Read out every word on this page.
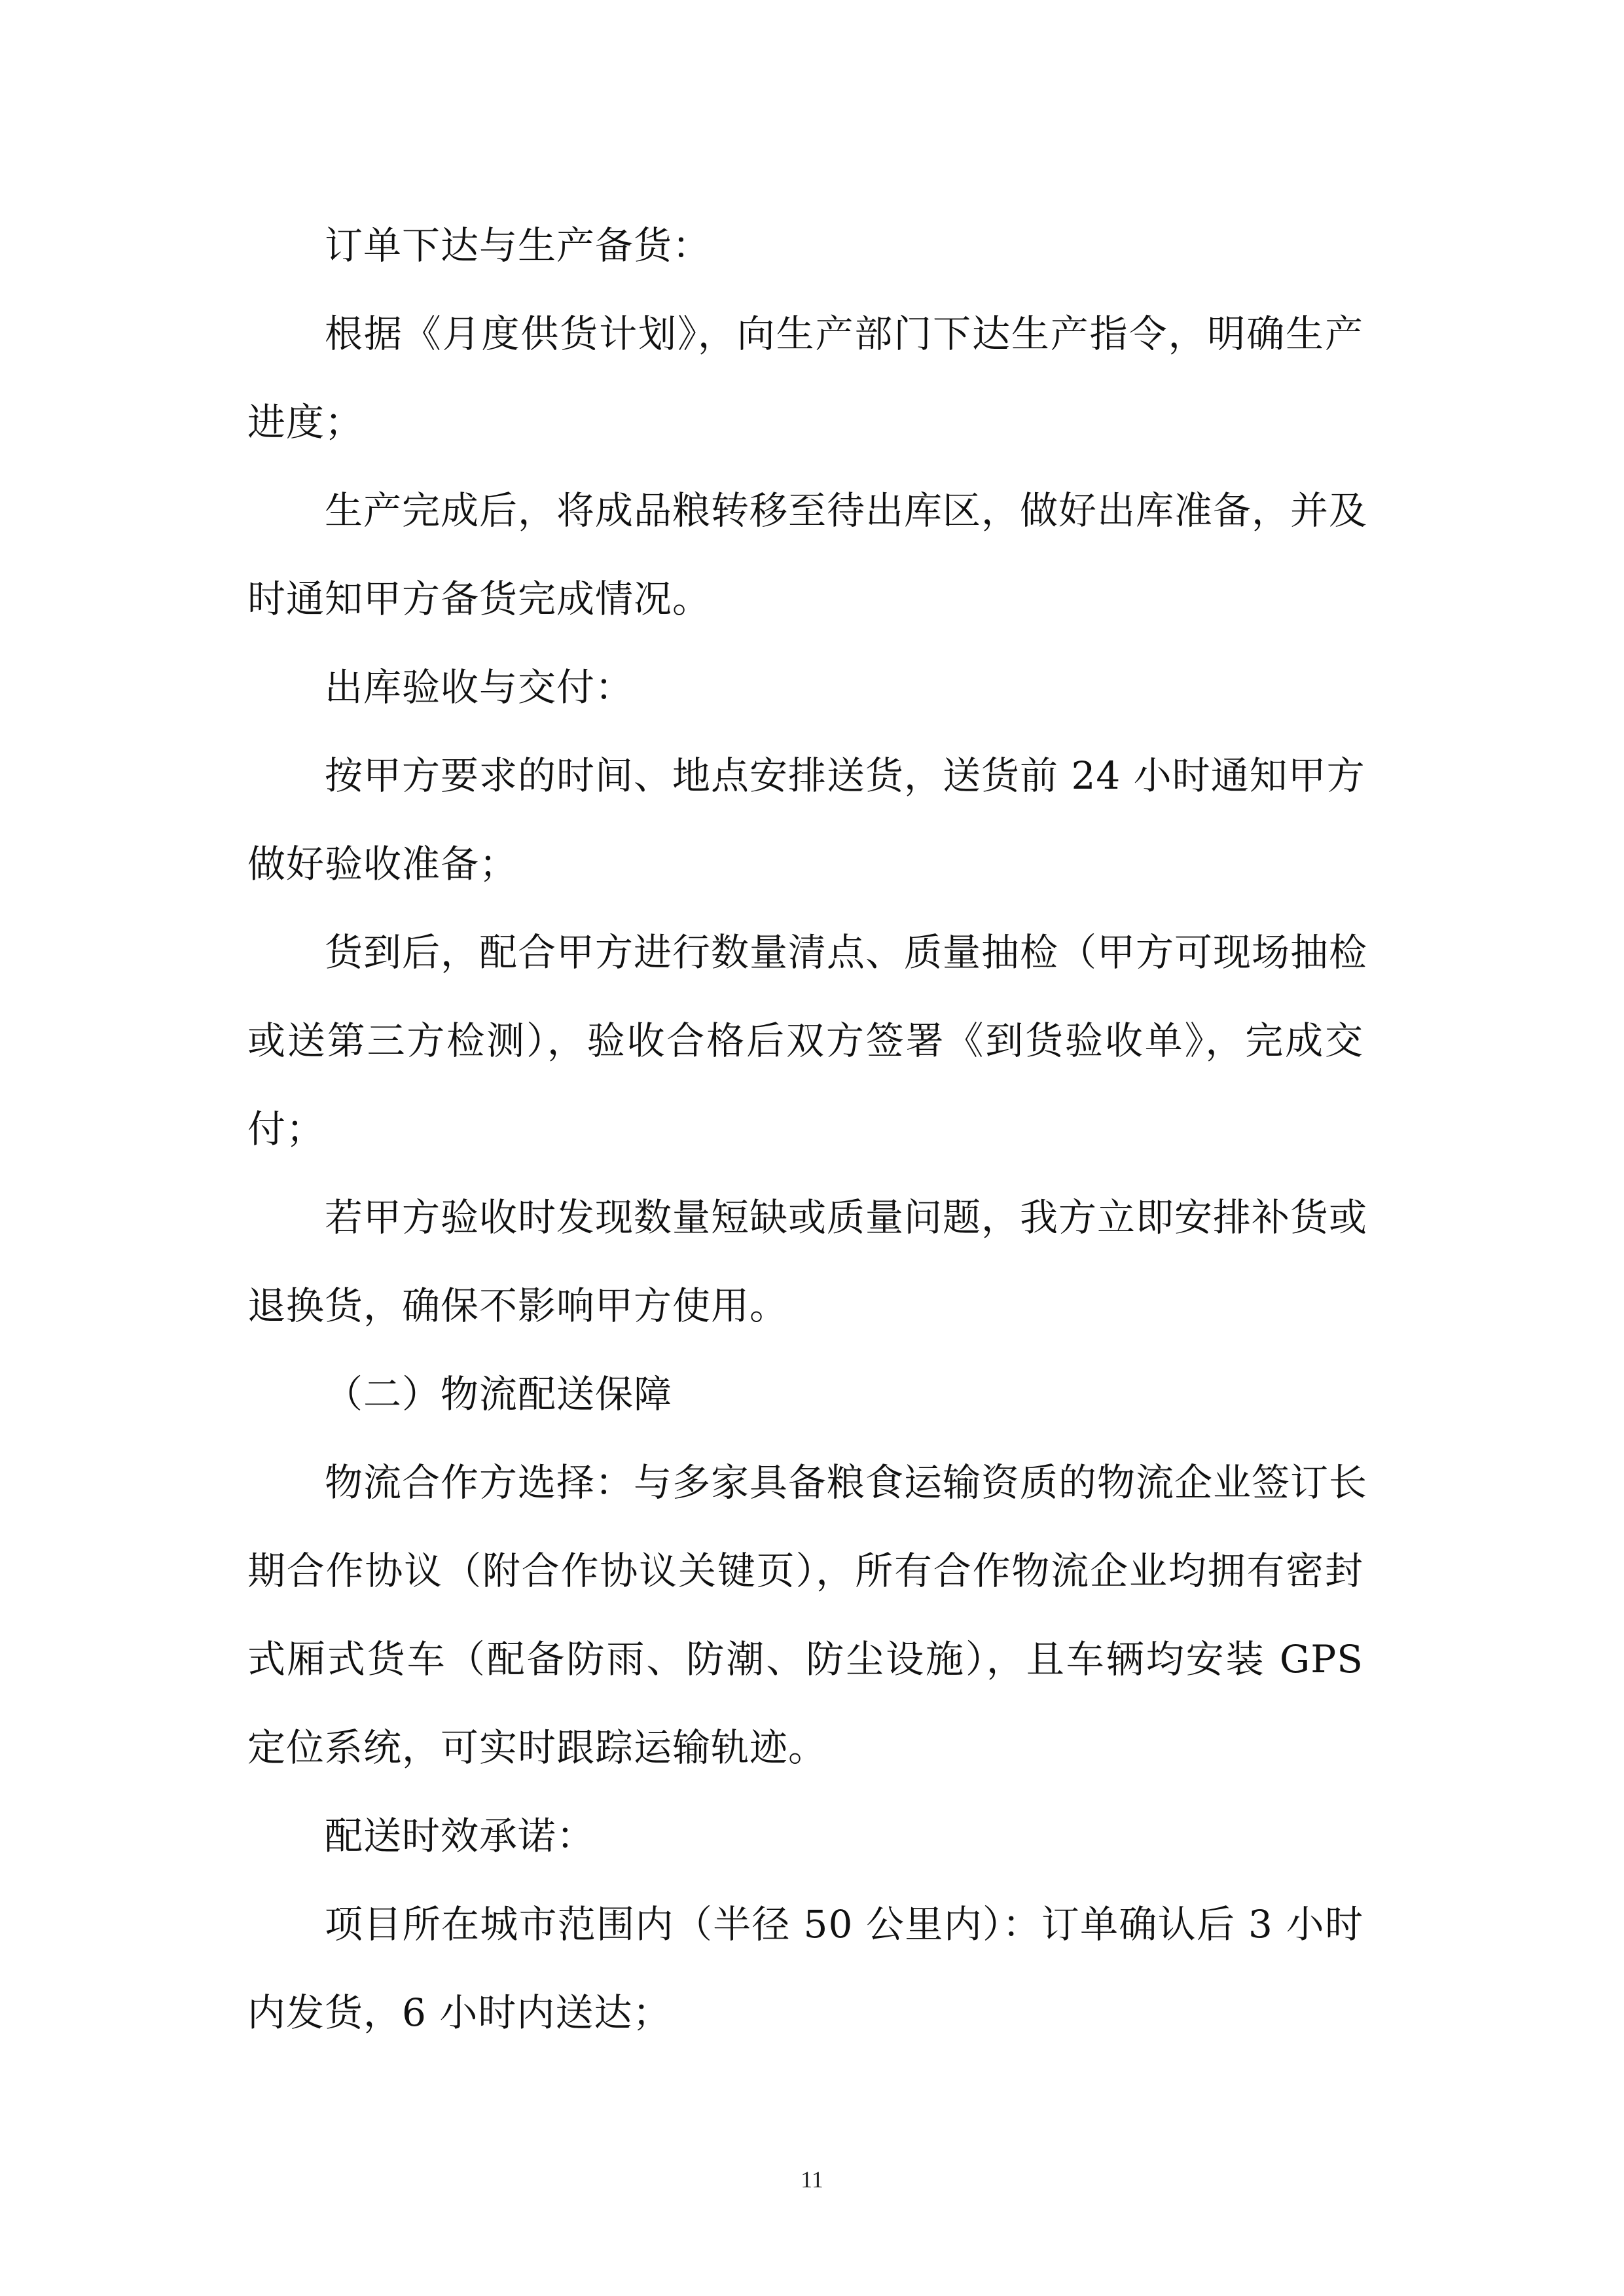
订单下达与生产备货：
根据《月度供货计划》，向生产部门下达生产指令，明确生产
进度；
生产完成后，将成品粮转移至待出库区，做好出库准备，并及
时通知甲方备货完成情况。
出库验收与交付：
按甲方要求的时间、地点安排送货，送货前 24 小时通知甲方
做好验收准备；
货到后，配合甲方进行数量清点、质量抽检（甲方可现场抽检
或送第三方检测），验收合格后双方签署《到货验收单》，完成交
付；
若甲方验收时发现数量短缺或质量问题，我方立即安排补货或
退换货，确保不影响甲方使用。
（二）物流配送保障
物流合作方选择：与多家具备粮食运输资质的物流企业签订长
期合作协议（附合作协议关键页），所有合作物流企业均拥有密封
式厢式货车（配备防雨、防潮、防尘设施），且车辆均安装 GPS
定位系统，可实时跟踪运输轨迹。
配送时效承诺：
项目所在城市范围内（半径 50 公里内）：订单确认后 3 小时
内发货，6 小时内送达；
11
